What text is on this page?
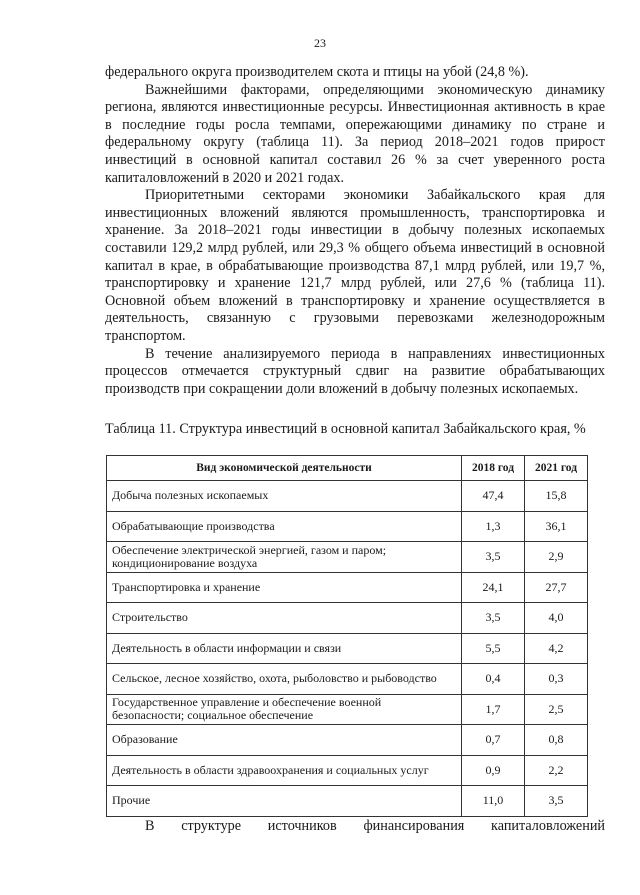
23

федерального округа производителем скота и птицы на убой (24,8 %).

Важнейшими факторами, определяющими экономическую динамику региона, являются инвестиционные ресурсы. Инвестиционная активность в крае в последние годы росла темпами, опережающими динамику по стране и федеральному округу (таблица 11). За период 2018–2021 годов прирост инвестиций в основной капитал составил 26 % за счет уверенного роста капиталовложений в 2020 и 2021 годах.

Приоритетными секторами экономики Забайкальского края для инвестиционных вложений являются промышленность, транспортировка и хранение. За 2018–2021 годы инвестиции в добычу полезных ископаемых составили 129,2 млрд рублей, или 29,3 % общего объема инвестиций в основной капитал в крае, в обрабатывающие производства 87,1 млрд рублей, или 19,7 %, транспортировку и хранение 121,7 млрд рублей, или 27,6 % (таблица 11). Основной объем вложений в транспортировку и хранение осуществляется в деятельность, связанную с грузовыми перевозками железнодорожным транспортом.

В течение анализируемого периода в направлениях инвестиционных процессов отмечается структурный сдвиг на развитие обрабатывающих производств при сокращении доли вложений в добычу полезных ископаемых.

Таблица 11. Структура инвестиций в основной капитал Забайкальского края, %
Вид экономической деятельности	2018 год	2021 год
Добыча полезных ископаемых	47,4	15,8
Обрабатывающие производства	1,3	36,1
Обеспечение электрической энергией, газом и паром; кондиционирование воздуха	3,5	2,9
Транспортировка и хранение	24,1	27,7
Строительство	3,5	4,0
Деятельность в области информации и связи	5,5	4,2
Сельское, лесное хозяйство, охота, рыболовство и рыбоводство	0,4	0,3
Государственное управление и обеспечение военной безопасности; социальное обеспечение	1,7	2,5
Образование	0,7	0,8
Деятельность в области здравоохранения и социальных услуг	0,9	2,2
Прочие	11,0	3,5
В структуре источников финансирования капиталовложений
